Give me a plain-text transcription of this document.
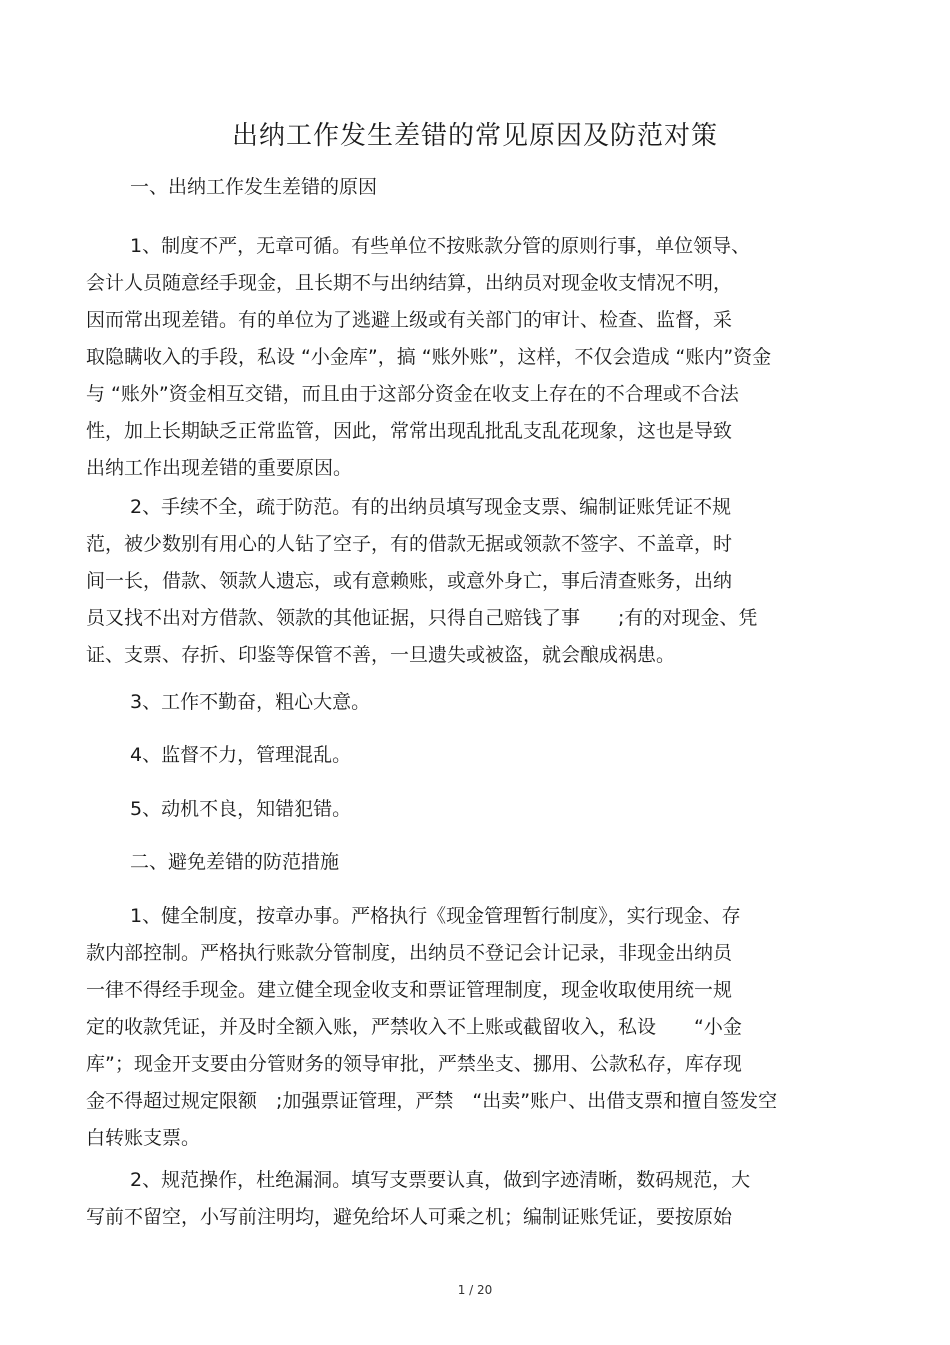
出纳工作发生差错的常见原因及防范对策
一、出纳工作发生差错的原因
1、制度不严，无章可循。有些单位不按账款分管的原则行事，单位领导、
会计人员随意经手现金，且长期不与出纳结算，出纳员对现金收支情况不明，
因而常出现差错。有的单位为了逃避上级或有关部门的审计、检查、监督，采
取隐瞒收入的手段，私设 “小金库”，搞 “账外账”，这样，不仅会造成 “账内”资金
与 “账外”资金相互交错，而且由于这部分资金在收支上存在的不合理或不合法
性，加上长期缺乏正常监管，因此，常常出现乱批乱支乱花现象，这也是导致
出纳工作出现差错的重要原因。
2、手续不全，疏于防范。有的出纳员填写现金支票、编制证账凭证不规
范，被少数别有用心的人钻了空子，有的借款无据或领款不签字、不盖章，时
间一长，借款、领款人遗忘，或有意赖账，或意外身亡，事后清查账务，出纳
员又找不出对方借款、领款的其他证据，只得自己赔钱了事　　;有的对现金、凭
证、支票、存折、印鉴等保管不善，一旦遗失或被盗，就会酿成祸患。
3、工作不勤奋，粗心大意。
4、监督不力，管理混乱。
5、动机不良，知错犯错。
二、避免差错的防范措施
1、健全制度，按章办事。严格执行《现金管理暂行制度》，实行现金、存
款内部控制。严格执行账款分管制度，出纳员不登记会计记录，非现金出纳员
一律不得经手现金。建立健全现金收支和票证管理制度，现金收取使用统一规
定的收款凭证，并及时全额入账，严禁收入不上账或截留收入，私设　　“小金
库”；现金开支要由分管财务的领导审批，严禁坐支、挪用、公款私存，库存现
金不得超过规定限额　;加强票证管理，严禁　“出卖”账户、出借支票和擅自签发空
白转账支票。
2、规范操作，杜绝漏洞。填写支票要认真，做到字迹清晰，数码规范，大
写前不留空，小写前注明均，避免给坏人可乘之机；编制证账凭证，要按原始
1 / 20
